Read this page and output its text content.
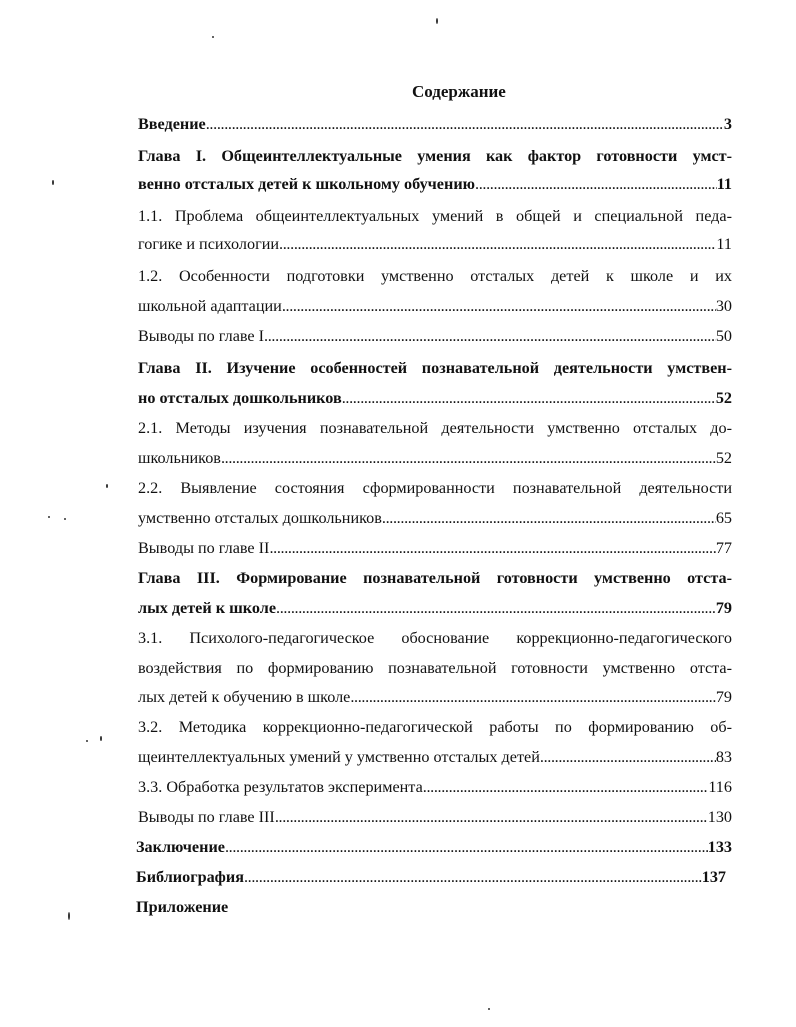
Содержание
Введение . . .	3
Глава I. Общеинтеллектуальные умения как фактор готовности умст-
венно отсталых детей к школьному обучению . . .	11
1.1. Проблема общеинтеллектуальных умений в общей и специальной педа-
гогике и психологии . . .	11
1.2. Особенности подготовки умственно отсталых детей к школе и их
школьной адаптации . . .	30
Выводы по главе I . . .	50
Глава II. Изучение особенностей познавательной деятельности умствен-
но отсталых дошкольников . . .	52
2.1. Методы изучения познавательной деятельности умственно отсталых до-
школьников . . .	52
2.2. Выявление состояния сформированности познавательной деятельности
умственно отсталых дошкольников . . .	65
Выводы по главе II . . .	77
Глава III. Формирование познавательной готовности умственно отста-
лых детей к школе . . .	79
3.1. Психолого-педагогическое обоснование коррекционно-педагогического
воздействия по формированию познавательной готовности умственно отста-
лых детей к обучению в школе . . .	79
3.2. Методика коррекционно-педагогической работы по формированию об-
щеинтеллектуальных умений у умственно отсталых детей . . .	83
3.3. Обработка результатов эксперимента . . .	116
Выводы по главе III . . .	130
Заключение . . .	133
Библиография . . .	137
Приложение
